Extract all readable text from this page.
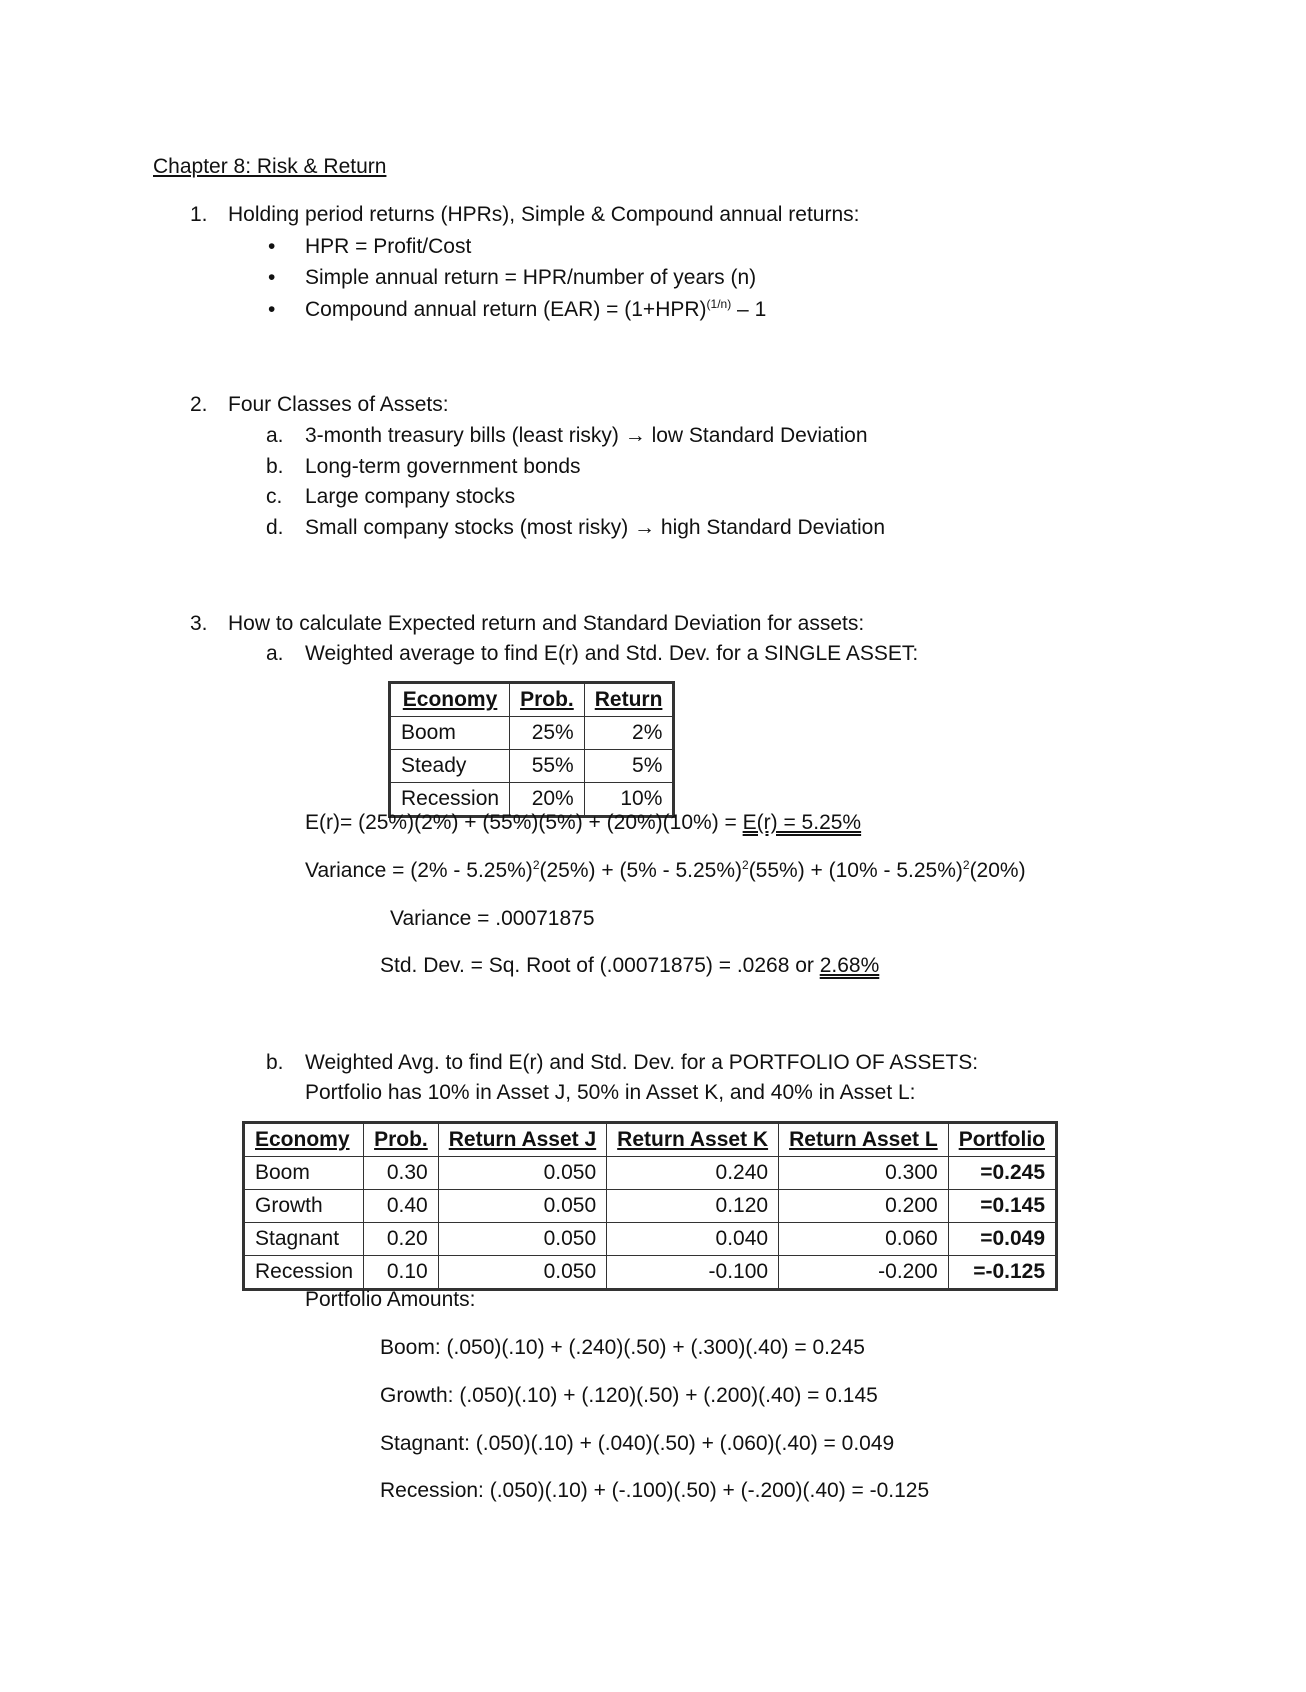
Chapter 8: Risk & Return
1. Holding period returns (HPRs), Simple & Compound annual returns:
• HPR = Profit/Cost
• Simple annual return = HPR/number of years (n)
• Compound annual return $(EAR) = (1+HPR)^{(1/n)} - 1$
2. Four Classes of Assets:
a. 3-month treasury bills (least risky) → low Standard Deviation
b. Long-term government bonds
c. Large company stocks
d. Small company stocks (most risky) → high Standard Deviation
3. How to calculate Expected return and Standard Deviation for assets:
a. Weighted average to find E(r) and Std. Dev. for a SINGLE ASSET:
Economy	Prob.	Return
Boom	25%	2%
Steady	55%	5%
Recession	20%	10%
E(r)= (25%)(2%) + (55%)(5%) + (20%)(10%) = E(r) = 5.25%
Variance = (2% - 5.25%)$^2$(25%) + (5% - 5.25%)$^2$(55%) + (10% - 5.25%)$^2$(20%)
Variance = .00071875
Std. Dev. = Sq. Root of (.00071875) = .0268 or 2.68%
b. Weighted Avg. to find E(r) and Std. Dev. for a PORTFOLIO OF ASSETS:
Portfolio has 10% in Asset J, 50% in Asset K, and 40% in Asset L:
Economy	Prob.	Return Asset J	Return Asset K	Return Asset L	Portfolio
Boom	0.30	0.050	0.240	0.300	=0.245
Growth	0.40	0.050	0.120	0.200	=0.145
Stagnant	0.20	0.050	0.040	0.060	=0.049
Recession	0.10	0.050	-0.100	-0.200	=-0.125
Portfolio Amounts:
Boom: (.050)(.10) + (.240)(.50) + (.300)(.40) = 0.245
Growth: (.050)(.10) + (.120)(.50) + (.200)(.40) = 0.145
Stagnant: (.050)(.10) + (.040)(.50) + (.060)(.40) = 0.049
Recession: (.050)(.10) + (-.100)(.50) + (-.200)(.40) = -0.125
